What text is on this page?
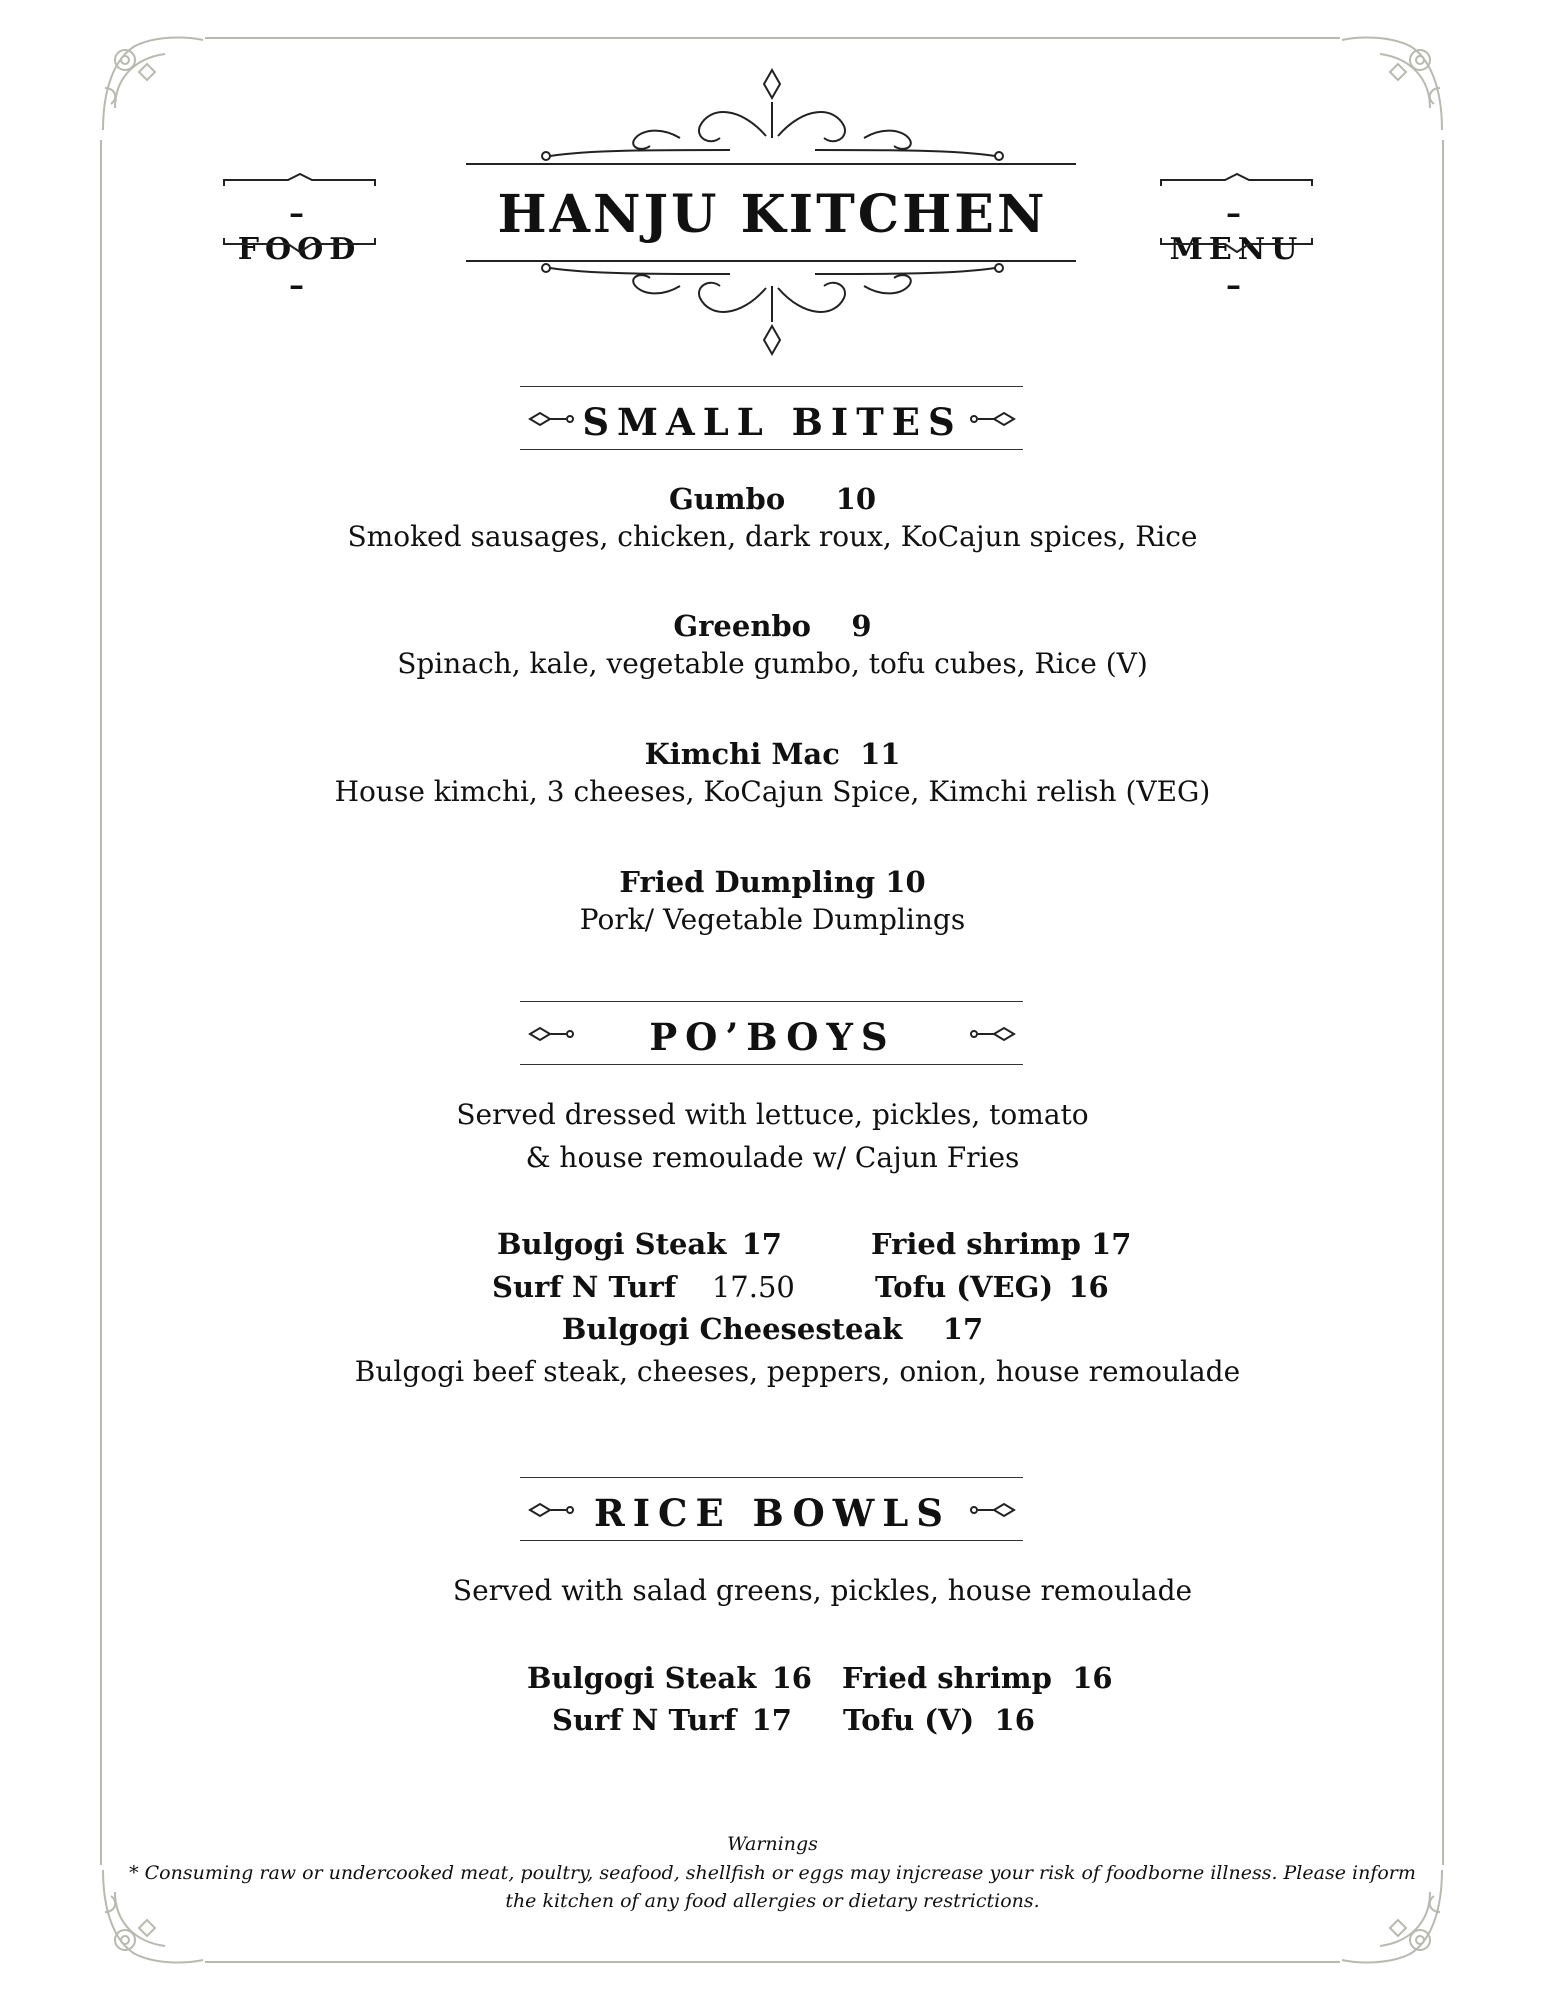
– FOOD –
– MENU –
HANJU KITCHEN
SMALL BITES
Gumbo 10
Smoked sausages, chicken, dark roux, KoCajun spices, Rice
Greenbo 9
Spinach, kale, vegetable gumbo, tofu cubes, Rice (V)
Kimchi Mac 11
House kimchi, 3 cheeses, KoCajun Spice, Kimchi relish (VEG)
Fried Dumpling 10
Pork/ Vegetable Dumplings
PO’BOYS
Served dressed with lettuce, pickles, tomato
& house remoulade w/ Cajun Fries
Bulgogi Steak 17	Fried shrimp 17
Surf N Turf 17.50	Tofu (VEG) 16
Bulgogi Cheesesteak 17
Bulgogi beef steak, cheeses, peppers, onion, house remoulade
RICE BOWLS
Served with salad greens, pickles, house remoulade
Bulgogi Steak 16 Fried shrimp 16
Surf N Turf 17 Tofu (V) 16
Warnings
* Consuming raw or undercooked meat, poultry, seafood, shellfish or eggs may injcrease your risk of foodborne illness. Please inform
the kitchen of any food allergies or dietary restrictions.
